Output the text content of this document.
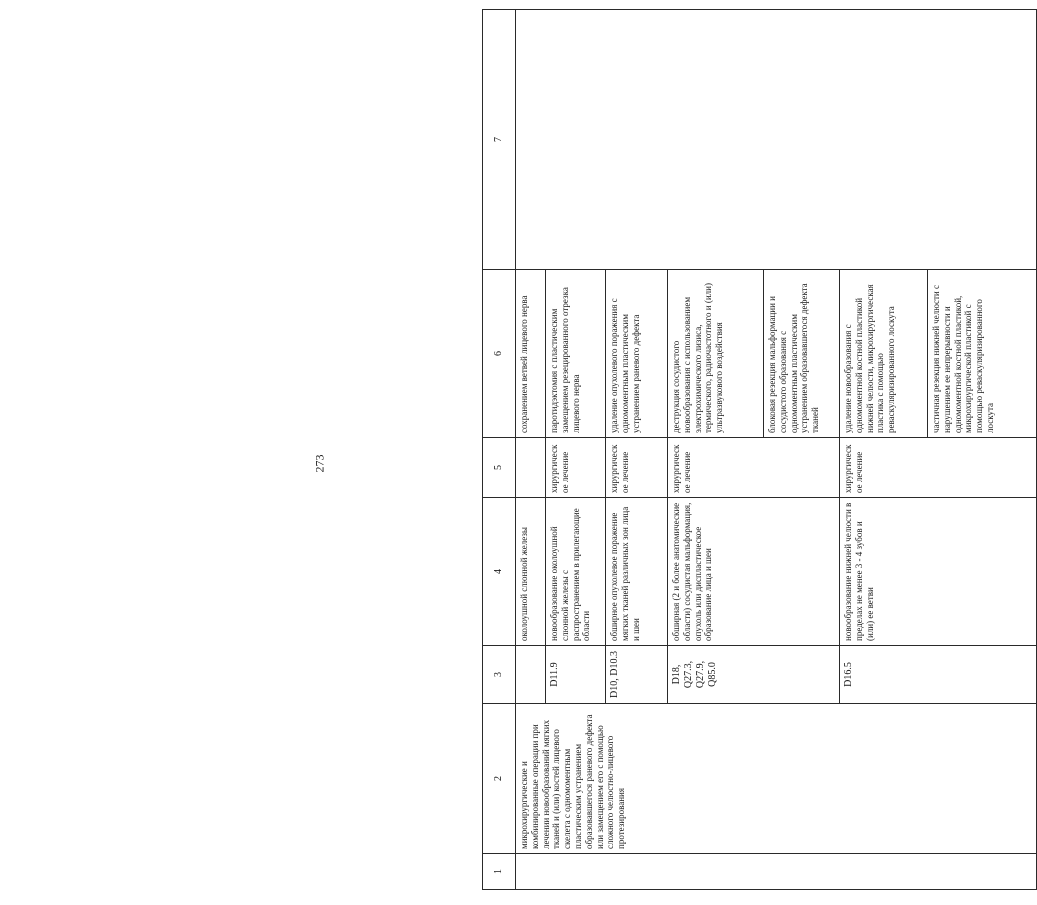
273
1	2	3	4	5	6	7
	микрохирургические и комбинированные операции при лечении новообразований мягких тканей и (или) костей лицевого скелета с одномоментным пластическим устранением образовавшегося раневого дефекта или замещением его с помощью сложного челюстно-лицевого протезирования		околоушной слюнной железы		сохранением ветвей лицевого нерва	
		D11.9	новообразование околоушной слюнной железы с распространением в прилегающие области	хирургическое лечение	паротидэктомия с пластическим замещением резецированного отрезка лицевого нерва	
		D10, D10.3	обширное опухолевое поражение мягких тканей различных зон лица и шеи	хирургическое лечение	удаление опухолевого поражения с одномоментным пластическим устранением раневого дефекта	
		D18, Q27.3, Q27.9, Q85.0	обширная (2 и более анатомические области) сосудистая мальформация, опухоль или диспластическое образование лица и шеи	хирургическое лечение	деструкция сосудистого новообразования с использованием электрохимического лизиса, термического, радиочастотного и (или) ультразвукового воздействия	
					блоковая резекция мальформации и сосудистого образования с одномоментным пластическим устранением образовавшегося дефекта тканей	
		D16.5	новообразование нижней челюсти в пределах не менее 3 - 4 зубов и (или) ее ветви	хирургическое лечение	удаление новообразования с одномоментной костной пластикой нижней челюсти, микрохирургическая пластика с помощью реваскуляризированного лоскута	
					частичная резекция нижней челюсти с нарушением ее непрерывности и одномоментной костной пластикой, микрохирургической пластикой с помощью реваскуляризированного лоскута	
